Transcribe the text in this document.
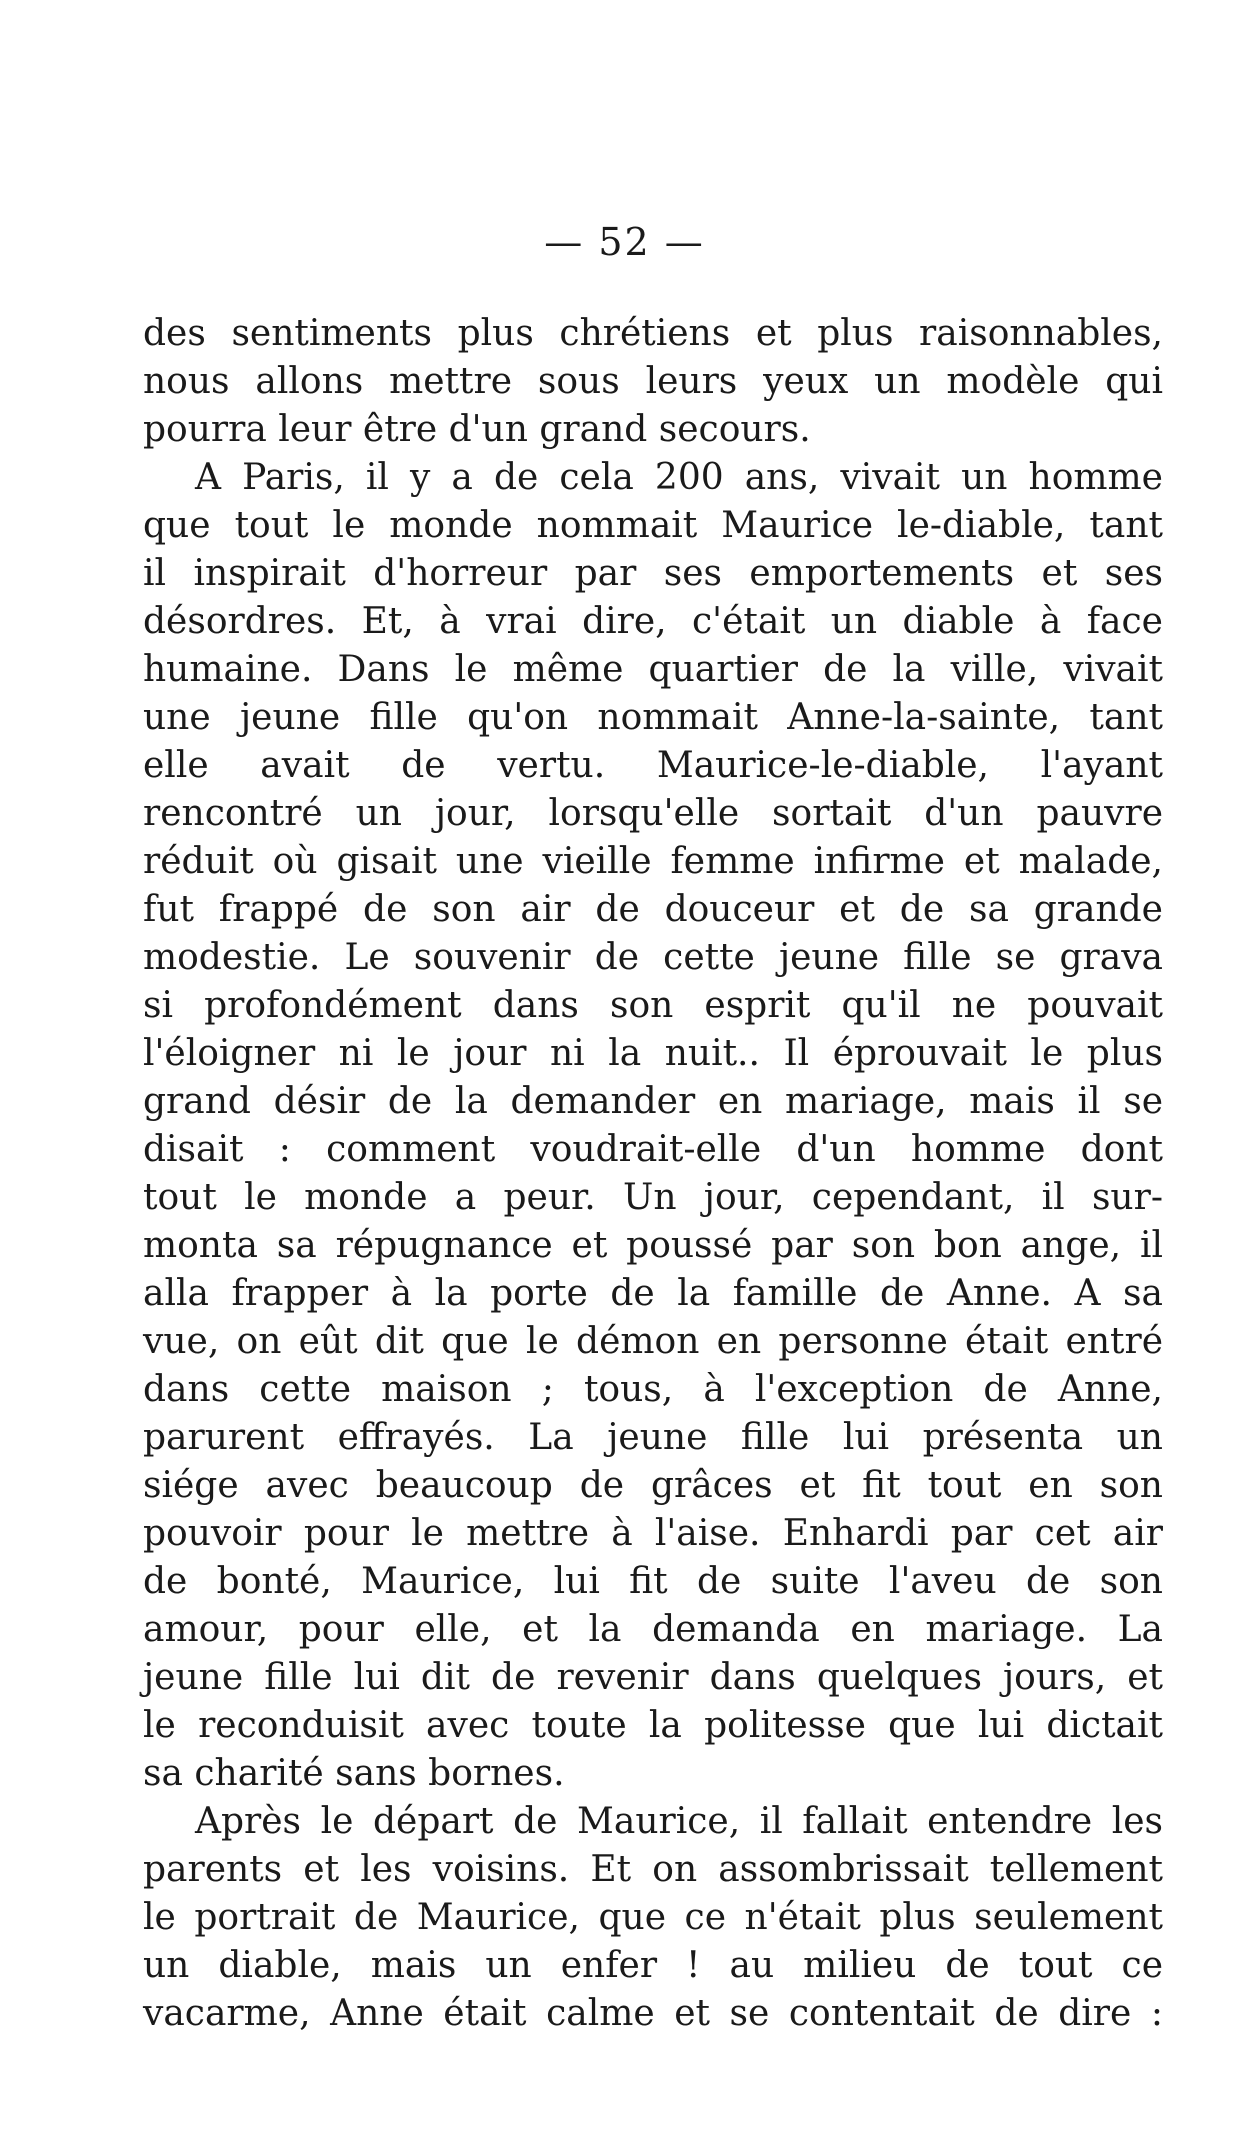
— 52 —
des sentiments plus chrétiens et plus raisonnables,
nous allons mettre sous leurs yeux un modèle qui
pourra leur être d'un grand secours.
A Paris, il y a de cela 200 ans, vivait un homme
que tout le monde nommait Maurice le-diable, tant
il inspirait d'horreur par ses emportements et ses
désordres. Et, à vrai dire, c'était un diable à face
humaine. Dans le même quartier de la ville, vivait
une jeune fille qu'on nommait Anne-la-sainte, tant
elle avait de vertu. Maurice-le-diable, l'ayant
rencontré un jour, lorsqu'elle sortait d'un pauvre
réduit où gisait une vieille femme infirme et malade,
fut frappé de son air de douceur et de sa grande
modestie. Le souvenir de cette jeune fille se grava
si profondément dans son esprit qu'il ne pouvait
l'éloigner ni le jour ni la nuit.. Il éprouvait le plus
grand désir de la demander en mariage, mais il se
disait : comment voudrait-elle d'un homme dont
tout le monde a peur. Un jour, cependant, il sur-
monta sa répugnance et poussé par son bon ange, il
alla frapper à la porte de la famille de Anne. A sa
vue, on eût dit que le démon en personne était entré
dans cette maison ; tous, à l'exception de Anne,
parurent effrayés. La jeune fille lui présenta un
siége avec beaucoup de grâces et fit tout en son
pouvoir pour le mettre à l'aise. Enhardi par cet air
de bonté, Maurice, lui fit de suite l'aveu de son
amour, pour elle, et la demanda en mariage. La
jeune fille lui dit de revenir dans quelques jours, et
le reconduisit avec toute la politesse que lui dictait
sa charité sans bornes.
Après le départ de Maurice, il fallait entendre les
parents et les voisins. Et on assombrissait tellement
le portrait de Maurice, que ce n'était plus seulement
un diable, mais un enfer ! au milieu de tout ce
vacarme, Anne était calme et se contentait de dire :
